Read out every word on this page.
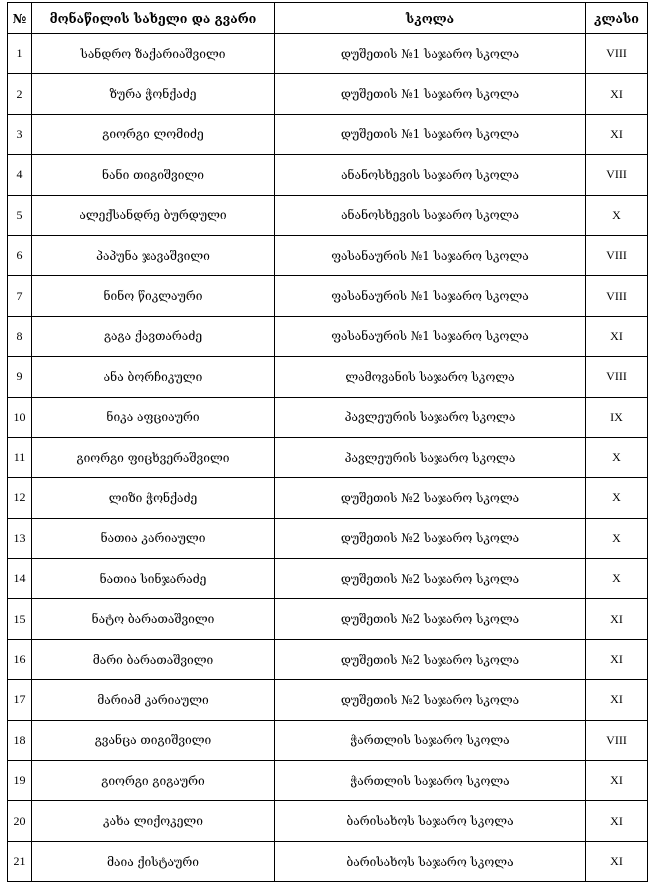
№	მონაწილის სახელი და გვარი	სკოლა	კლასი
1	სანდრო ზაქარიაშვილი	დუშეთის №1 საჯარო სკოლა	VIII
2	ზურა ჭონქაძე	დუშეთის №1 საჯარო სკოლა	XI
3	გიორგი ლომიძე	დუშეთის №1 საჯარო სკოლა	XI
4	ნანი თიგიშვილი	ანანოსხევის საჯარო სკოლა	VIII
5	ალექსანდრე ბურდული	ანანოსხევის საჯარო სკოლა	X
6	პაპუნა ჯავაშვილი	ფასანაურის №1 საჯარო სკოლა	VIII
7	ნინო წიკლაური	ფასანაურის №1 საჯარო სკოლა	VIII
8	გაგა ქავთარაძე	ფასანაურის №1 საჯარო სკოლა	XI
9	ანა ბორჩიკული	ლამოვანის საჯარო სკოლა	VIII
10	ნიკა აფციაური	პავლეურის საჯარო სკოლა	IX
11	გიორგი ფიცხვერაშვილი	პავლეურის საჯარო სკოლა	X
12	ლიზი ჭონქაძე	დუშეთის №2 საჯარო სკოლა	X
13	ნათია კარიაული	დუშეთის №2 საჯარო სკოლა	X
14	ნათია სინჯარაძე	დუშეთის №2 საჯარო სკოლა	X
15	ნატო ბარათაშვილი	დუშეთის №2 საჯარო სკოლა	XI
16	მარი ბარათაშვილი	დუშეთის №2 საჯარო სკოლა	XI
17	მარიამ კარიაული	დუშეთის №2 საჯარო სკოლა	XI
18	გვანცა თიგიშვილი	ჭართლის საჯარო სკოლა	VIII
19	გიორგი გიგაური	ჭართლის საჯარო სკოლა	XI
20	კახა ლიქოკელი	ბარისახოს საჯარო სკოლა	XI
21	მაია ქისტაური	ბარისახოს საჯარო სკოლა	XI
